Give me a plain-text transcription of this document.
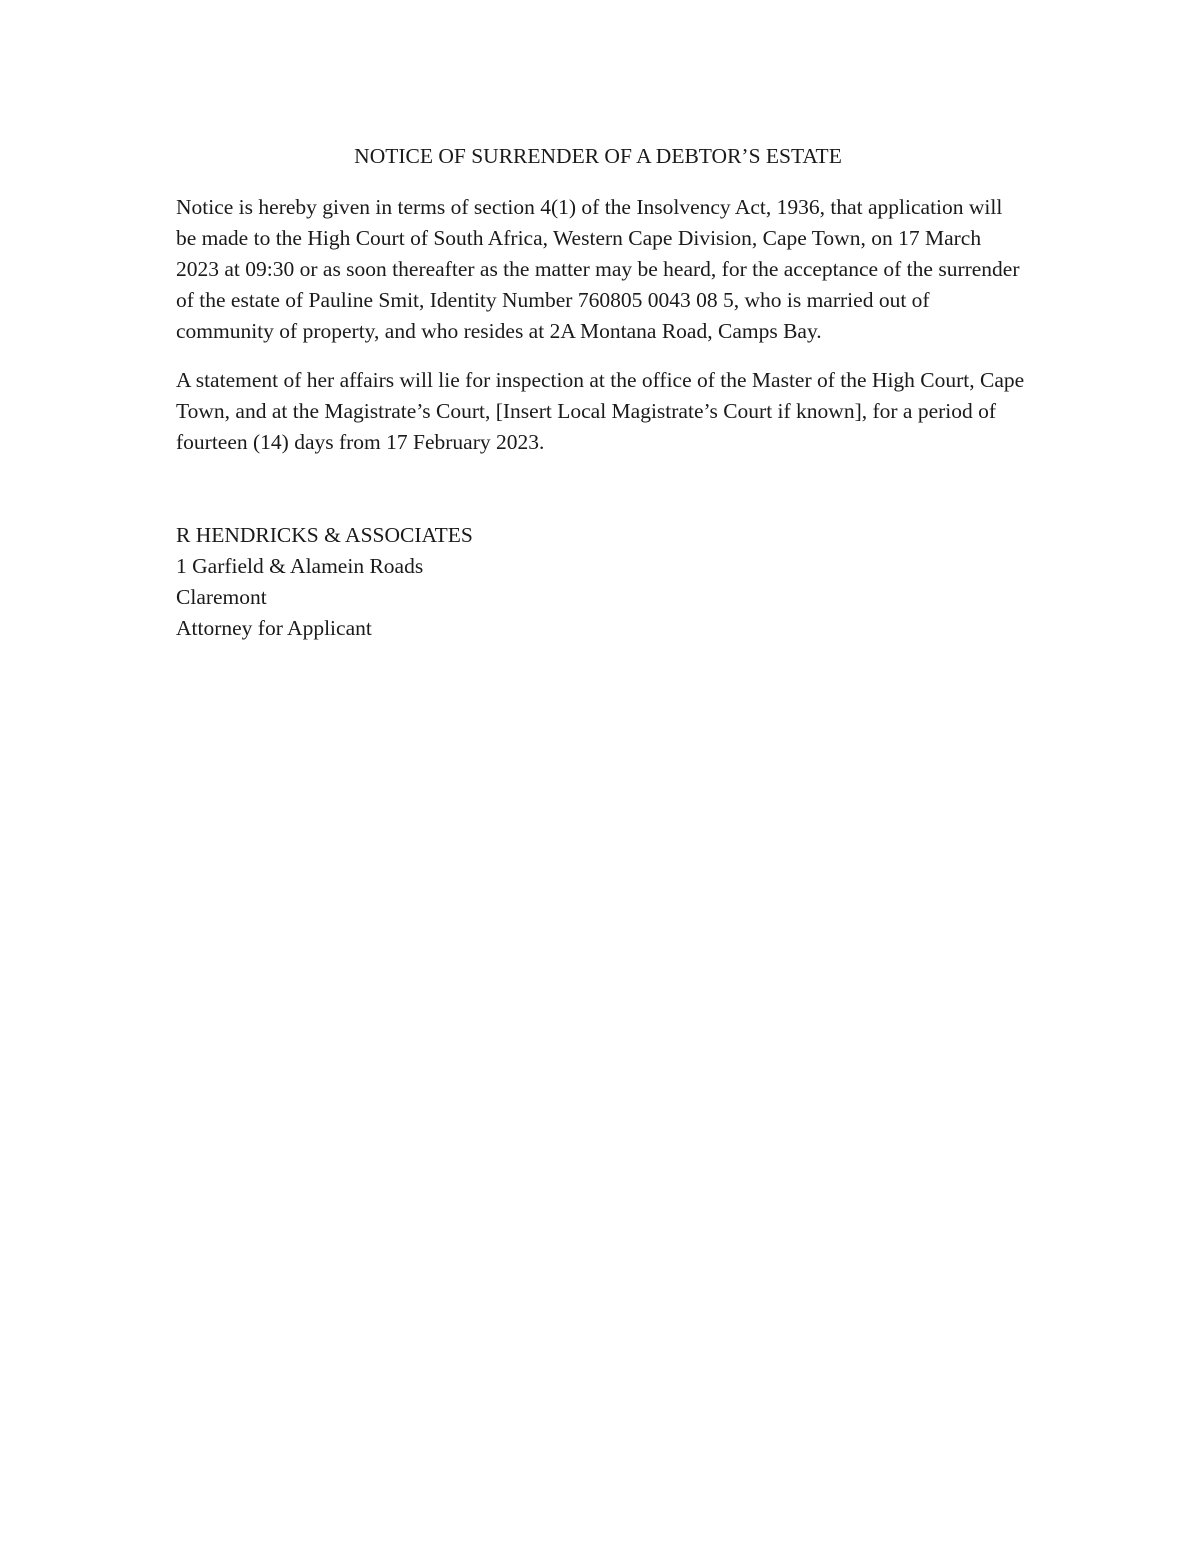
NOTICE OF SURRENDER OF A DEBTOR’S ESTATE

Notice is hereby given in terms of section 4(1) of the Insolvency Act, 1936, that application will be made to the High Court of South Africa, Western Cape Division, Cape Town, on 17 March 2023 at 09:30 or as soon thereafter as the matter may be heard, for the acceptance of the surrender of the estate of Pauline Smit, Identity Number 760805 0043 08 5, who is married out of community of property, and who resides at 2A Montana Road, Camps Bay.

A statement of her affairs will lie for inspection at the office of the Master of the High Court, Cape Town, and at the Magistrate’s Court, [Insert Local Magistrate’s Court if known], for a period of fourteen (14) days from 17 February 2023.

R HENDRICKS & ASSOCIATES
1 Garfield & Alamein Roads
Claremont
Attorney for Applicant
